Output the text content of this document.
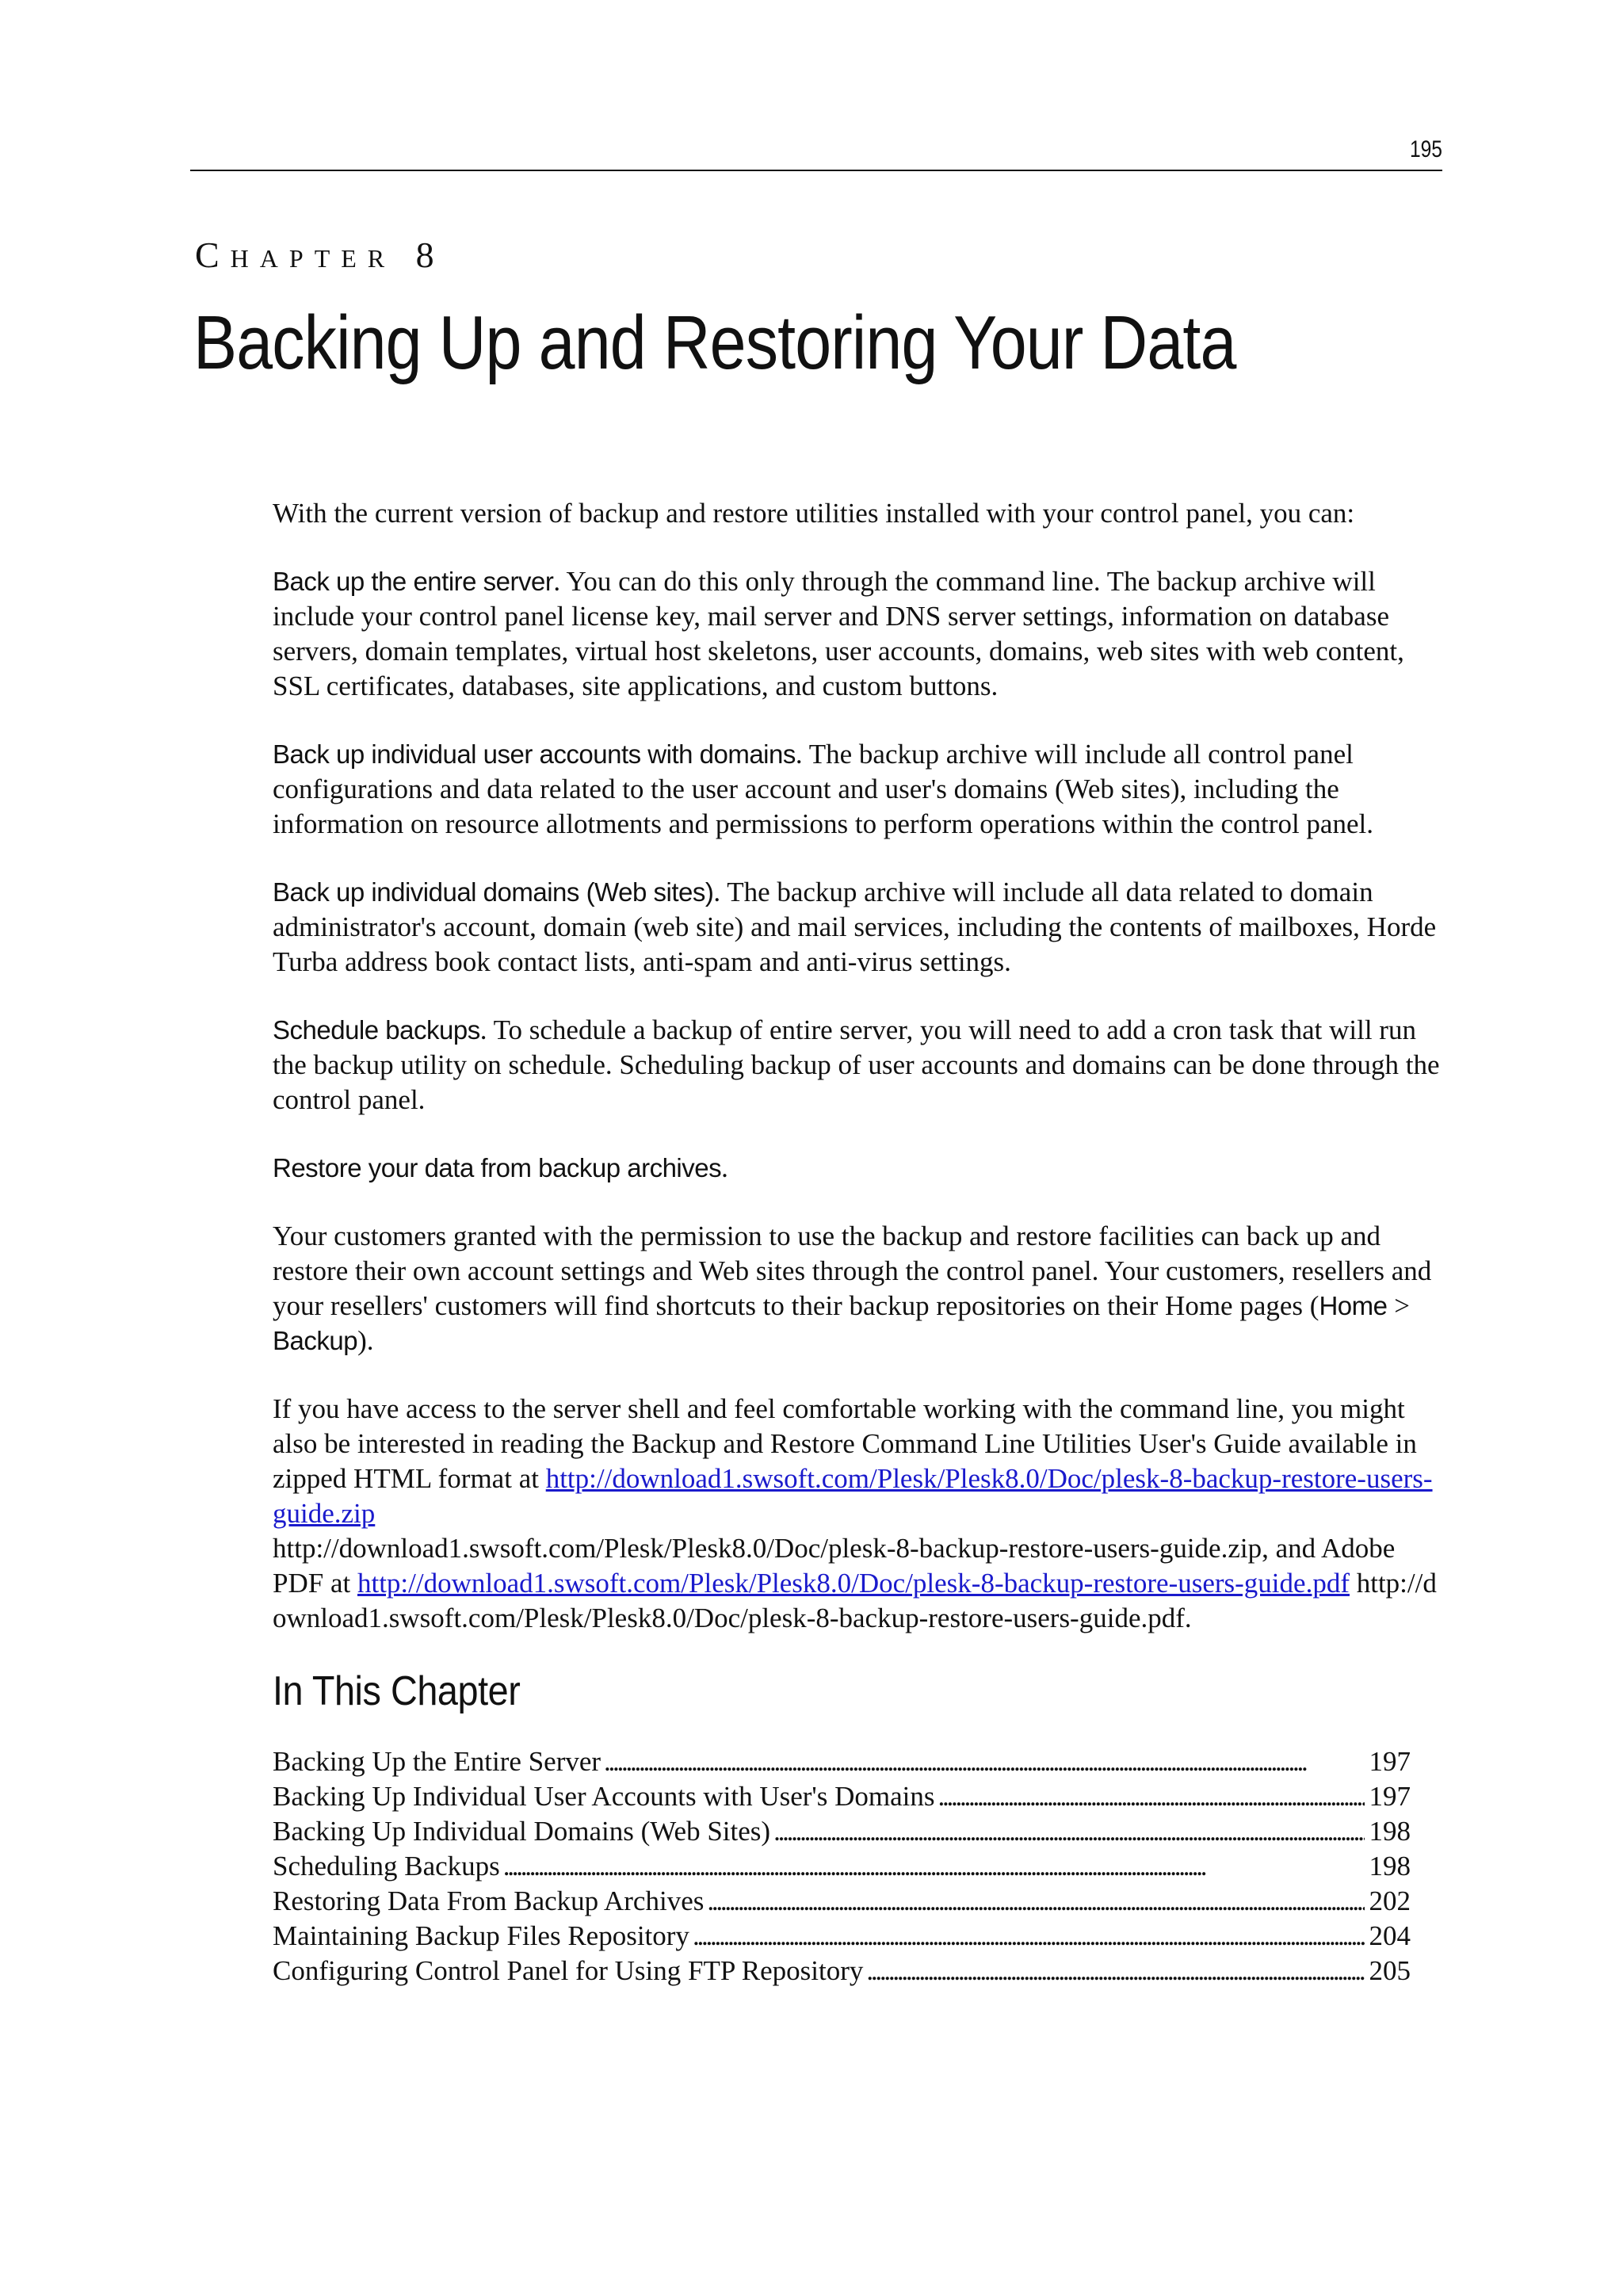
195
Chapter 8
Backing Up and Restoring Your Data

With the current version of backup and restore utilities installed with your control panel, you can:

Back up the entire server. You can do this only through the command line. The backup archive will include your control panel license key, mail server and DNS server settings, information on database servers, domain templates, virtual host skeletons, user accounts, domains, web sites with web content, SSL certificates, databases, site applications, and custom buttons.

Back up individual user accounts with domains. The backup archive will include all control panel configurations and data related to the user account and user's domains (Web sites), including the information on resource allotments and permissions to perform operations within the control panel.

Back up individual domains (Web sites). The backup archive will include all data related to domain administrator's account, domain (web site) and mail services, including the contents of mailboxes, Horde Turba address book contact lists, anti-spam and anti-virus settings.

Schedule backups. To schedule a backup of entire server, you will need to add a cron task that will run the backup utility on schedule. Scheduling backup of user accounts and domains can be done through the control panel.

Restore your data from backup archives.

Your customers granted with the permission to use the backup and restore facilities can back up and restore their own account settings and Web sites through the control panel. Your customers, resellers and your resellers' customers will find shortcuts to their backup repositories on their Home pages (Home > Backup).

If you have access to the server shell and feel comfortable working with the command line, you might also be interested in reading the Backup and Restore Command Line Utilities User's Guide available in zipped HTML format at http://download1.swsoft.com/Plesk/Plesk8.0/Doc/plesk-8-backup-restore-users-guide.zip
http://download1.swsoft.com/Plesk/Plesk8.0/Doc/plesk-8-backup-restore-users-guide.zip, and Adobe PDF at http://download1.swsoft.com/Plesk/Plesk8.0/Doc/plesk-8-backup-restore-users-guide.pdf http://download1.swsoft.com/Plesk/Plesk8.0/Doc/plesk-8-backup-restore-users-guide.pdf.

In This Chapter
Backing Up the Entire Server . . .	197
Backing Up Individual User Accounts with User's Domains . . .	197
Backing Up Individual Domains (Web Sites) . . .	198
Scheduling Backups . . .	198
Restoring Data From Backup Archives . . .	202
Maintaining Backup Files Repository . . .	204
Configuring Control Panel for Using FTP Repository . . .	205
